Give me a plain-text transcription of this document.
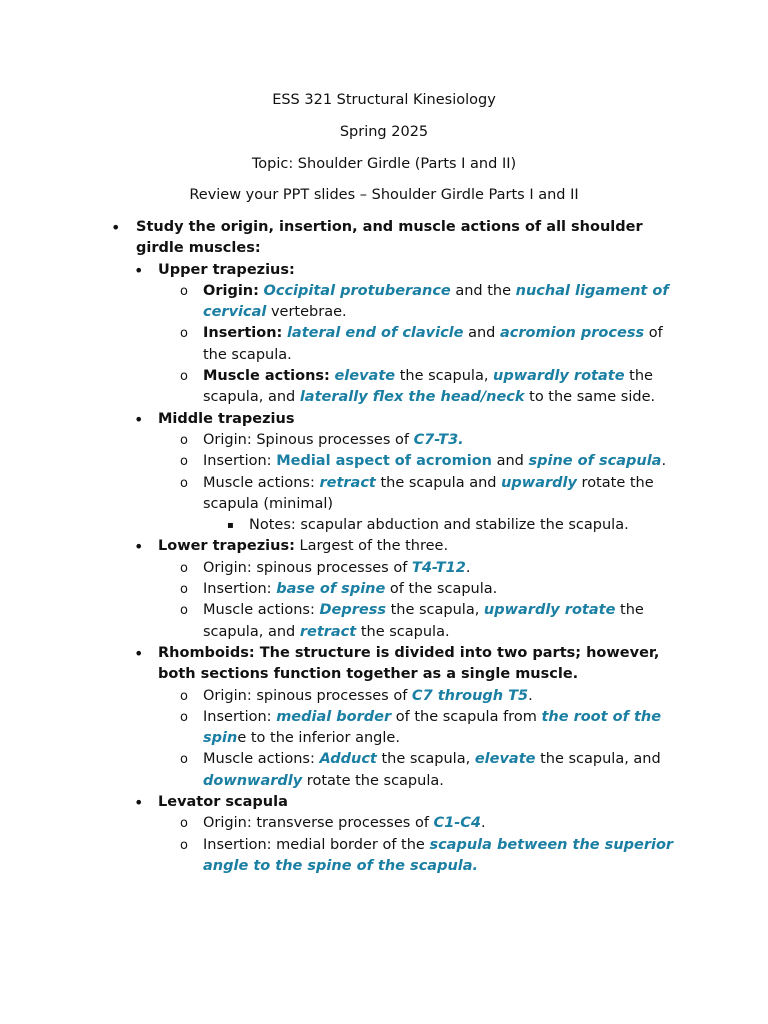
ESS 321 Structural Kinesiology
Spring 2025
Topic: Shoulder Girdle (Parts I and II)
Review your PPT slides – Shoulder Girdle Parts I and II
• Study the origin, insertion, and muscle actions of all shoulder girdle muscles:
• Upper trapezius:
o Origin: Occipital protuberance and the nuchal ligament of cervical vertebrae.
o Insertion: lateral end of clavicle and acromion process of the scapula.
o Muscle actions: elevate the scapula, upwardly rotate the scapula, and laterally flex the head/neck to the same side.
• Middle trapezius
o Origin: Spinous processes of C7-T3.
o Insertion: Medial aspect of acromion and spine of scapula.
o Muscle actions: retract the scapula and upwardly rotate the scapula (minimal)
▪ Notes: scapular abduction and stabilize the scapula.
• Lower trapezius: Largest of the three.
o Origin: spinous processes of T4-T12.
o Insertion: base of spine of the scapula.
o Muscle actions: Depress the scapula, upwardly rotate the scapula, and retract the scapula.
• Rhomboids: The structure is divided into two parts; however, both sections function together as a single muscle.
o Origin: spinous processes of C7 through T5.
o Insertion: medial border of the scapula from the root of the spine to the inferior angle.
o Muscle actions: Adduct the scapula, elevate the scapula, and downwardly rotate the scapula.
• Levator scapula
o Origin: transverse processes of C1-C4.
o Insertion: medial border of the scapula between the superior angle to the spine of the scapula.
